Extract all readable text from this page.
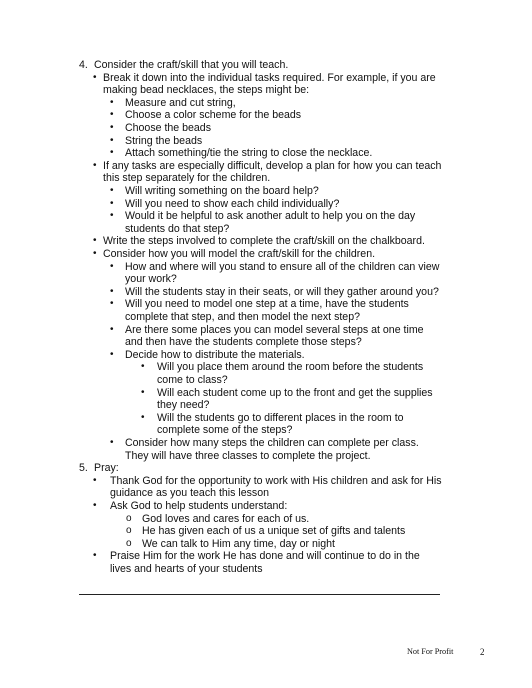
4. Consider the craft/skill that you will teach.
• Break it down into the individual tasks required. For example, if you are
making bead necklaces, the steps might be:
• Measure and cut string,
• Choose a color scheme for the beads
• Choose the beads
• String the beads
• Attach something/tie the string to close the necklace.
• If any tasks are especially difficult, develop a plan for how you can teach
this step separately for the children.
• Will writing something on the board help?
• Will you need to show each child individually?
• Would it be helpful to ask another adult to help you on the day
students do that step?
• Write the steps involved to complete the craft/skill on the chalkboard.
• Consider how you will model the craft/skill for the children.
• How and where will you stand to ensure all of the children can view
your work?
• Will the students stay in their seats, or will they gather around you?
• Will you need to model one step at a time, have the students
complete that step, and then model the next step?
• Are there some places you can model several steps at one time
and then have the students complete those steps?
• Decide how to distribute the materials.
• Will you place them around the room before the students
come to class?
• Will each student come up to the front and get the supplies
they need?
• Will the students go to different places in the room to
complete some of the steps?
• Consider how many steps the children can complete per class.
They will have three classes to complete the project.
5. Pray:
• Thank God for the opportunity to work with His children and ask for His
guidance as you teach this lesson
• Ask God to help students understand:
o God loves and cares for each of us.
o He has given each of us a unique set of gifts and talents
o We can talk to Him any time, day or night
• Praise Him for the work He has done and will continue to do in the
lives and hearts of your students
Not For Profit	2
